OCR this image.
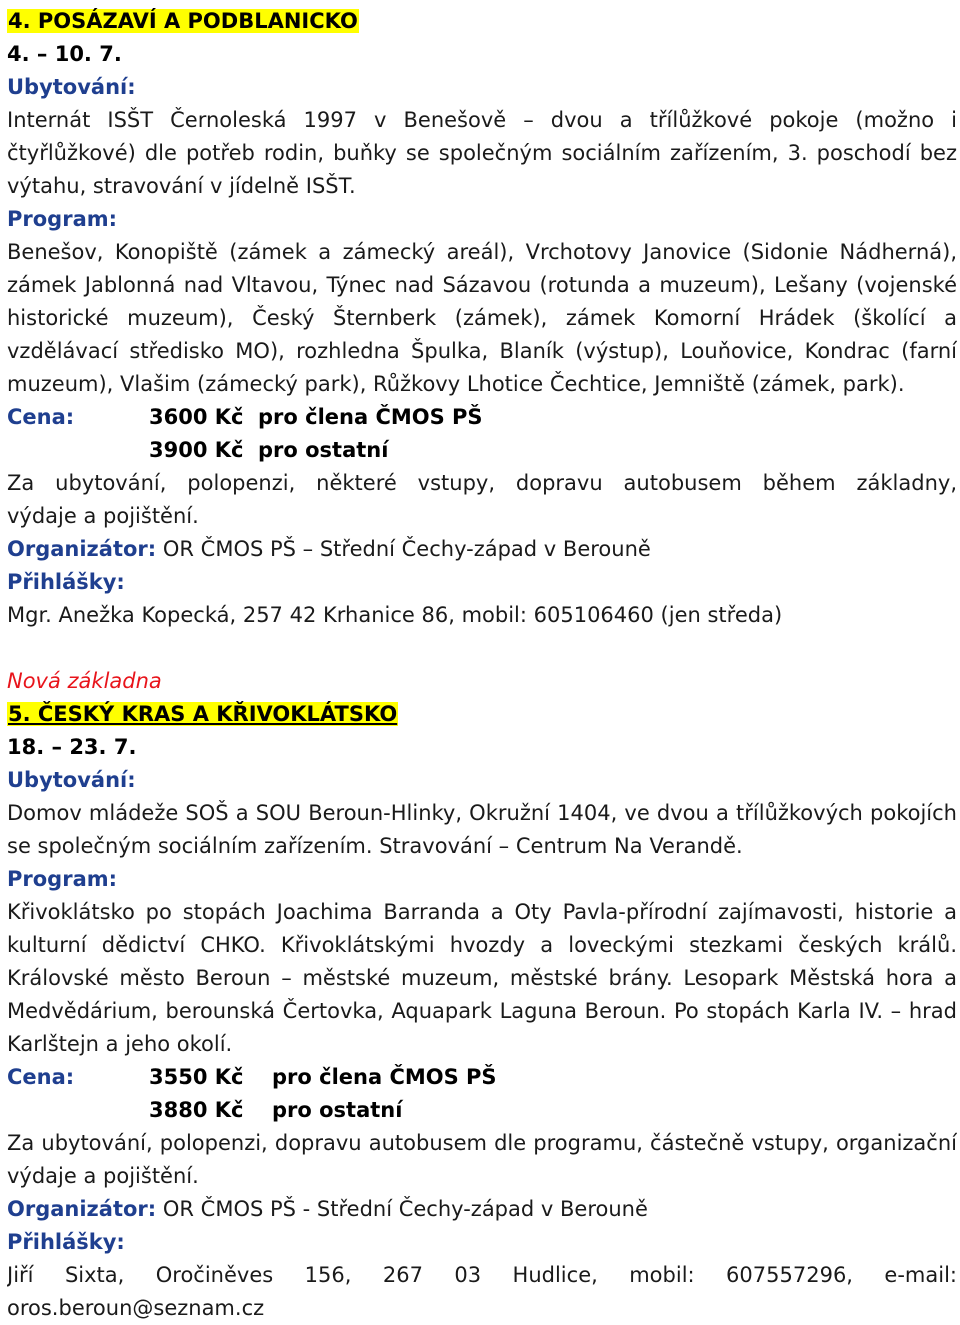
4. POSÁZAVÍ A PODBLANICKO
4. – 10. 7.
Ubytování:
Internát ISŠT Černoleská 1997 v Benešově – dvou a třílůžkové pokoje (možno i
čtyřlůžkové) dle potřeb rodin, buňky se společným sociálním zařízením, 3. poschodí bez
výtahu, stravování v jídelně ISŠT.
Program:
Benešov, Konopiště (zámek a zámecký areál), Vrchotovy Janovice (Sidonie Nádherná),
zámek Jablonná nad Vltavou, Týnec nad Sázavou (rotunda a muzeum), Lešany (vojenské
historické muzeum), Český Šternberk (zámek), zámek Komorní Hrádek (školící a
vzdělávací středisko MO), rozhledna Špulka, Blaník (výstup), Louňovice, Kondrac (farní
muzeum), Vlašim (zámecký park), Růžkovy Lhotice Čechtice, Jemniště (zámek, park).
Cena:	3600 Kč pro člena ČMOS PŠ
3900 Kč pro ostatní
Za ubytování, polopenzi, některé vstupy, dopravu autobusem během základny,
výdaje a pojištění.
Organizátor: OR ČMOS PŠ – Střední Čechy-západ v Berouně
Přihlášky:
Mgr. Anežka Kopecká, 257 42 Krhanice 86, mobil: 605106460 (jen středa)
Nová základna
5. ČESKÝ KRAS A KŘIVOKLÁTSKO
18. – 23. 7.
Ubytování:
Domov mládeže SOŠ a SOU Beroun-Hlinky, Okružní 1404, ve dvou a třílůžkových pokojích
se společným sociálním zařízením. Stravování – Centrum Na Verandě.
Program:
Křivoklátsko po stopách Joachima Barranda a Oty Pavla-přírodní zajímavosti, historie a
kulturní dědictví CHKO. Křivoklátskými hvozdy a loveckými stezkami českých králů.
Královské město Beroun – městské muzeum, městské brány. Lesopark Městská hora a
Medvědárium, berounská Čertovka, Aquapark Laguna Beroun. Po stopách Karla IV. – hrad
Karlštejn a jeho okolí.
Cena:	3550 Kč pro člena ČMOS PŠ
3880 Kč pro ostatní
Za ubytování, polopenzi, dopravu autobusem dle programu, částečně vstupy, organizační
výdaje a pojištění.
Organizátor: OR ČMOS PŠ - Střední Čechy-západ v Berouně
Přihlášky:
Jiří Sixta, Oročiněves 156, 267 03 Hudlice, mobil: 607557296, e-mail:
oros.beroun@seznam.cz
